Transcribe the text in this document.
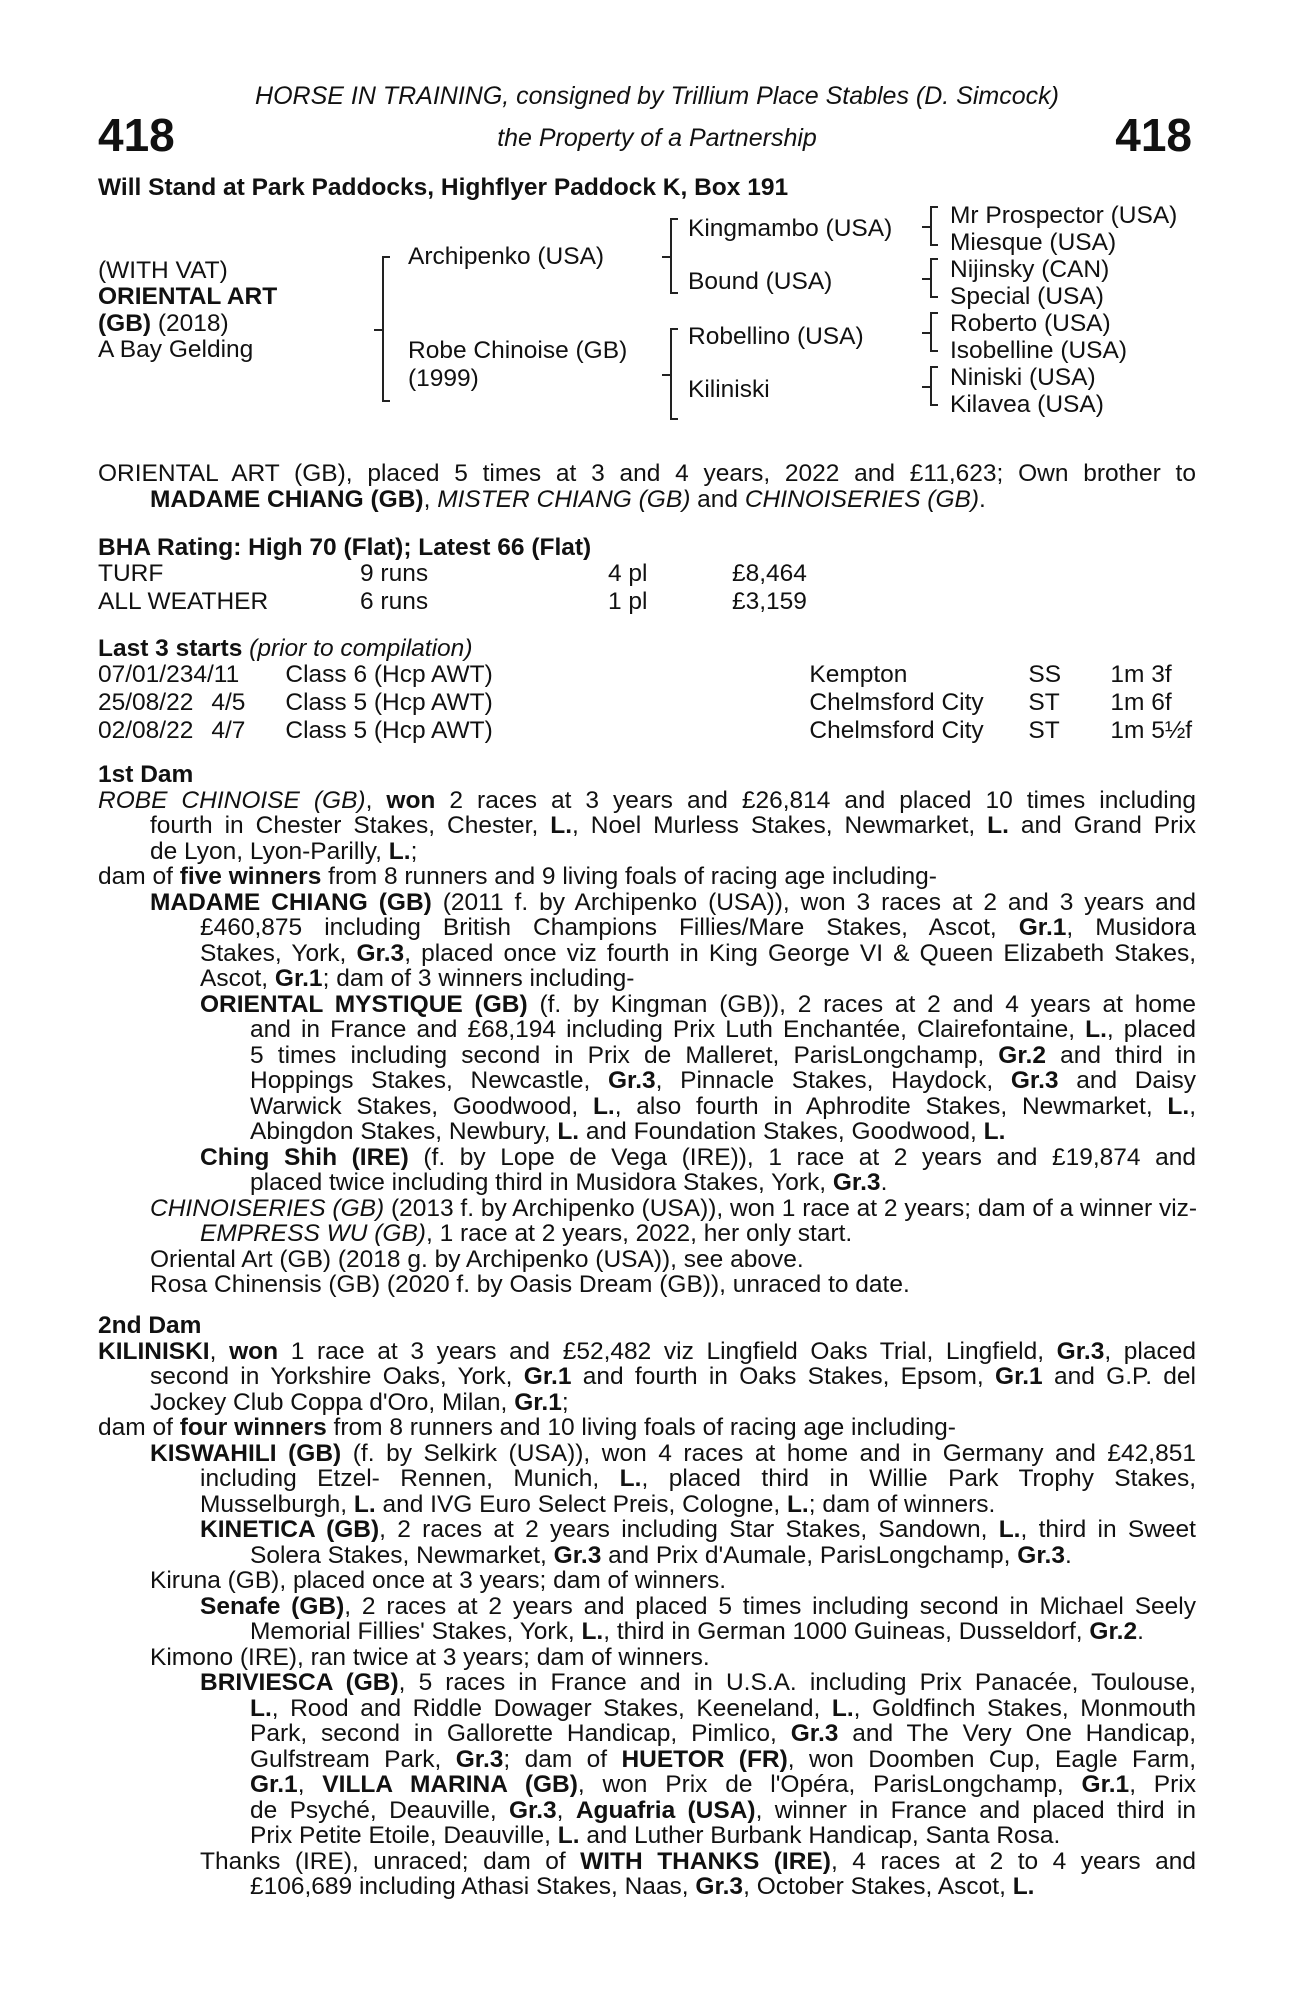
418	418
HORSE IN TRAINING, consigned by Trillium Place Stables (D. Simcock)
the Property of a Partnership
Will Stand at Park Paddocks, Highflyer Paddock K, Box 191
(WITH VAT)
ORIENTAL ART
(GB) (2018)
A Bay Gelding
Archipenko (USA)
Robe Chinoise (GB)
(1999)
Kingmambo (USA)
Bound (USA)
Robellino (USA)
Kiliniski
Mr Prospector (USA)
Miesque (USA)
Nijinsky (CAN)
Special (USA)
Roberto (USA)
Isobelline (USA)
Niniski (USA)
Kilavea (USA)
ORIENTAL ART (GB), placed 5 times at 3 and 4 years, 2022 and £11,623; Own brother to
MADAME CHIANG (GB), MISTER CHIANG (GB) and CHINOISERIES (GB).
BHA Rating: High 70 (Flat); Latest 66 (Flat)
TURF	9 runs	4 pl	£8,464
ALL WEATHER	6 runs	1 pl	£3,159
Last 3 starts (prior to compilation)
07/01/23	4/11	Class 6 (Hcp AWT)	Kempton	SS	1m 3f
25/08/22	4/5	Class 5 (Hcp AWT)	Chelmsford City	ST	1m 6f
02/08/22	4/7	Class 5 (Hcp AWT)	Chelmsford City	ST	1m 5½f
1st Dam
ROBE CHINOISE (GB), won 2 races at 3 years and £26,814 and placed 10 times including
fourth in Chester Stakes, Chester, L., Noel Murless Stakes, Newmarket, L. and Grand Prix
de Lyon, Lyon-Parilly, L.;
dam of five winners from 8 runners and 9 living foals of racing age including-
MADAME CHIANG (GB) (2011 f. by Archipenko (USA)), won 3 races at 2 and 3 years and
£460,875 including British Champions Fillies/Mare Stakes, Ascot, Gr.1, Musidora
Stakes, York, Gr.3, placed once viz fourth in King George VI & Queen Elizabeth Stakes,
Ascot, Gr.1; dam of 3 winners including-
ORIENTAL MYSTIQUE (GB) (f. by Kingman (GB)), 2 races at 2 and 4 years at home
and in France and £68,194 including Prix Luth Enchantée, Clairefontaine, L., placed
5 times including second in Prix de Malleret, ParisLongchamp, Gr.2 and third in
Hoppings Stakes, Newcastle, Gr.3, Pinnacle Stakes, Haydock, Gr.3 and Daisy
Warwick Stakes, Goodwood, L., also fourth in Aphrodite Stakes, Newmarket, L.,
Abingdon Stakes, Newbury, L. and Foundation Stakes, Goodwood, L.
Ching Shih (IRE) (f. by Lope de Vega (IRE)), 1 race at 2 years and £19,874 and
placed twice including third in Musidora Stakes, York, Gr.3.
CHINOISERIES (GB) (2013 f. by Archipenko (USA)), won 1 race at 2 years; dam of a winner viz-
EMPRESS WU (GB), 1 race at 2 years, 2022, her only start.
Oriental Art (GB) (2018 g. by Archipenko (USA)), see above.
Rosa Chinensis (GB) (2020 f. by Oasis Dream (GB)), unraced to date.
2nd Dam
KILINISKI, won 1 race at 3 years and £52,482 viz Lingfield Oaks Trial, Lingfield, Gr.3, placed
second in Yorkshire Oaks, York, Gr.1 and fourth in Oaks Stakes, Epsom, Gr.1 and G.P. del
Jockey Club Coppa d'Oro, Milan, Gr.1;
dam of four winners from 8 runners and 10 living foals of racing age including-
KISWAHILI (GB) (f. by Selkirk (USA)), won 4 races at home and in Germany and £42,851
including Etzel- Rennen, Munich, L., placed third in Willie Park Trophy Stakes,
Musselburgh, L. and IVG Euro Select Preis, Cologne, L.; dam of winners.
KINETICA (GB), 2 races at 2 years including Star Stakes, Sandown, L., third in Sweet
Solera Stakes, Newmarket, Gr.3 and Prix d'Aumale, ParisLongchamp, Gr.3.
Kiruna (GB), placed once at 3 years; dam of winners.
Senafe (GB), 2 races at 2 years and placed 5 times including second in Michael Seely
Memorial Fillies' Stakes, York, L., third in German 1000 Guineas, Dusseldorf, Gr.2.
Kimono (IRE), ran twice at 3 years; dam of winners.
BRIVIESCA (GB), 5 races in France and in U.S.A. including Prix Panacée, Toulouse,
L., Rood and Riddle Dowager Stakes, Keeneland, L., Goldfinch Stakes, Monmouth
Park, second in Gallorette Handicap, Pimlico, Gr.3 and The Very One Handicap,
Gulfstream Park, Gr.3; dam of HUETOR (FR), won Doomben Cup, Eagle Farm,
Gr.1, VILLA MARINA (GB), won Prix de l'Opéra, ParisLongchamp, Gr.1, Prix
de Psyché, Deauville, Gr.3, Aguafria (USA), winner in France and placed third in
Prix Petite Etoile, Deauville, L. and Luther Burbank Handicap, Santa Rosa.
Thanks (IRE), unraced; dam of WITH THANKS (IRE), 4 races at 2 to 4 years and
£106,689 including Athasi Stakes, Naas, Gr.3, October Stakes, Ascot, L.
